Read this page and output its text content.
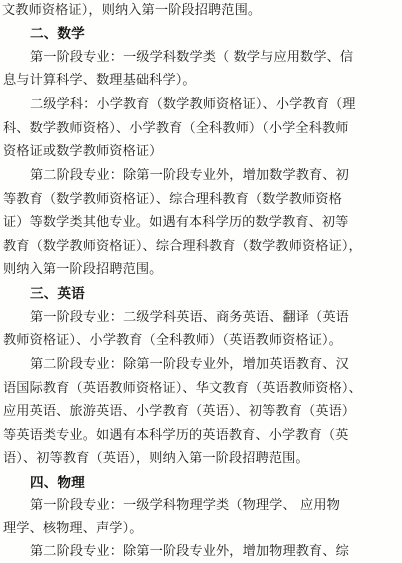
文教师资格证），则纳入第一阶段招聘范围。
二、数学
第一阶段专业：一级学科数学类（ 数学与应用数学、信
息与计算科学、数理基础科学）。
二级学科：小学教育（数学教师资格证）、小学教育（理
科、数学教师资格）、小学教育（全科教师）（小学全科教师
资格证或数学教师资格证）
第二阶段专业：除第一阶段专业外，增加数学教育、初
等教育（数学教师资格证）、综合理科教育（数学教师资格
证）等数学类其他专业。如遇有本科学历的数学教育、初等
教育（数学教师资格证）、综合理科教育（数学教师资格证），
则纳入第一阶段招聘范围。
三、英语
第一阶段专业：二级学科英语、商务英语、翻译（英语
教师资格证）、小学教育（全科教师）（英语教师资格证）。
第二阶段专业：除第一阶段专业外，增加英语教育、汉
语国际教育（英语教师资格证）、华文教育（英语教师资格）、
应用英语、旅游英语、小学教育（英语）、初等教育（英语）
等英语类专业。如遇有本科学历的英语教育、小学教育（英
语）、初等教育（英语），则纳入第一阶段招聘范围。
四、物理
第一阶段专业：一级学科物理学类（物理学、 应用物
理学、核物理、声学）。
第二阶段专业：除第一阶段专业外，增加物理教育、综
